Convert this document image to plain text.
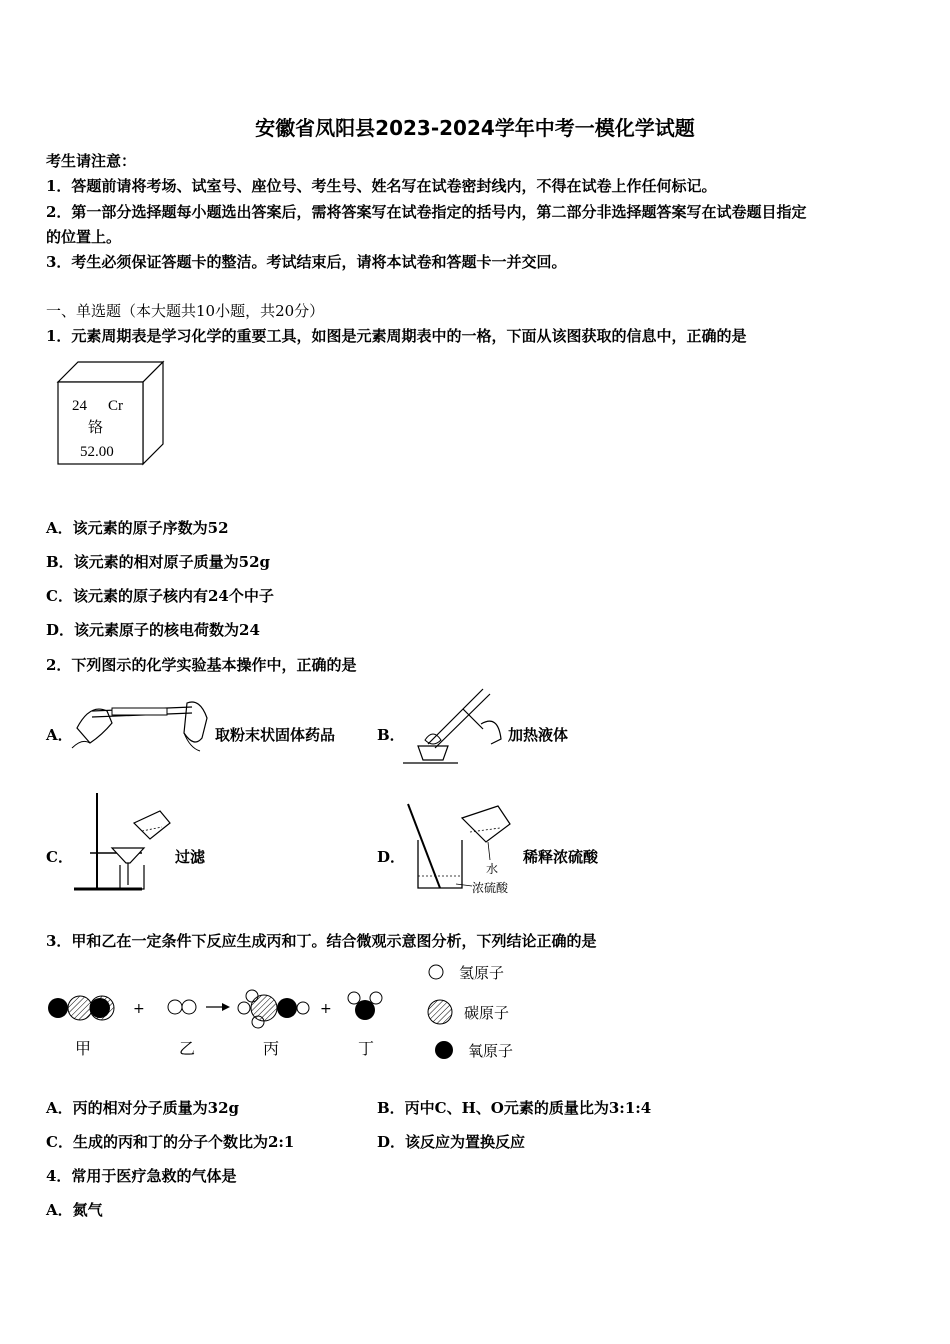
安徽省凤阳县2023-2024学年中考一模化学试题
考生请注意：
1．答题前请将考场、试室号、座位号、考生号、姓名写在试卷密封线内，不得在试卷上作任何标记。
2．第一部分选择题每小题选出答案后，需将答案写在试卷指定的括号内，第二部分非选择题答案写在试卷题目指定
的位置上。
3．考生必须保证答题卡的整洁。考试结束后，请将本试卷和答题卡一并交回。
一、单选题（本大题共10小题，共20分）
1．元素周期表是学习化学的重要工具，如图是元素周期表中的一格，下面从该图获取的信息中，正确的是
24 Cr
铬
52.00
A．该元素的原子序数为52
B．该元素的相对原子质量为52g
C．该元素的原子核内有24个中子
D．该元素原子的核电荷数为24
2．下列图示的化学实验基本操作中，正确的是
A．	取粉末状固体药品	B．	加热液体
C．	过滤	D．
水
浓硫酸
稀释浓硫酸
3．甲和乙在一定条件下反应生成丙和丁。结合微观示意图分析，下列结论正确的是
+	+
甲	乙	丙	丁
氢原子
碳原子
氧原子
A．丙的相对分子质量为32g	B．丙中C、H、O元素的质量比为3:1:4
C．生成的丙和丁的分子个数比为2:1	D．该反应为置换反应
4．常用于医疗急救的气体是
A．氮气
